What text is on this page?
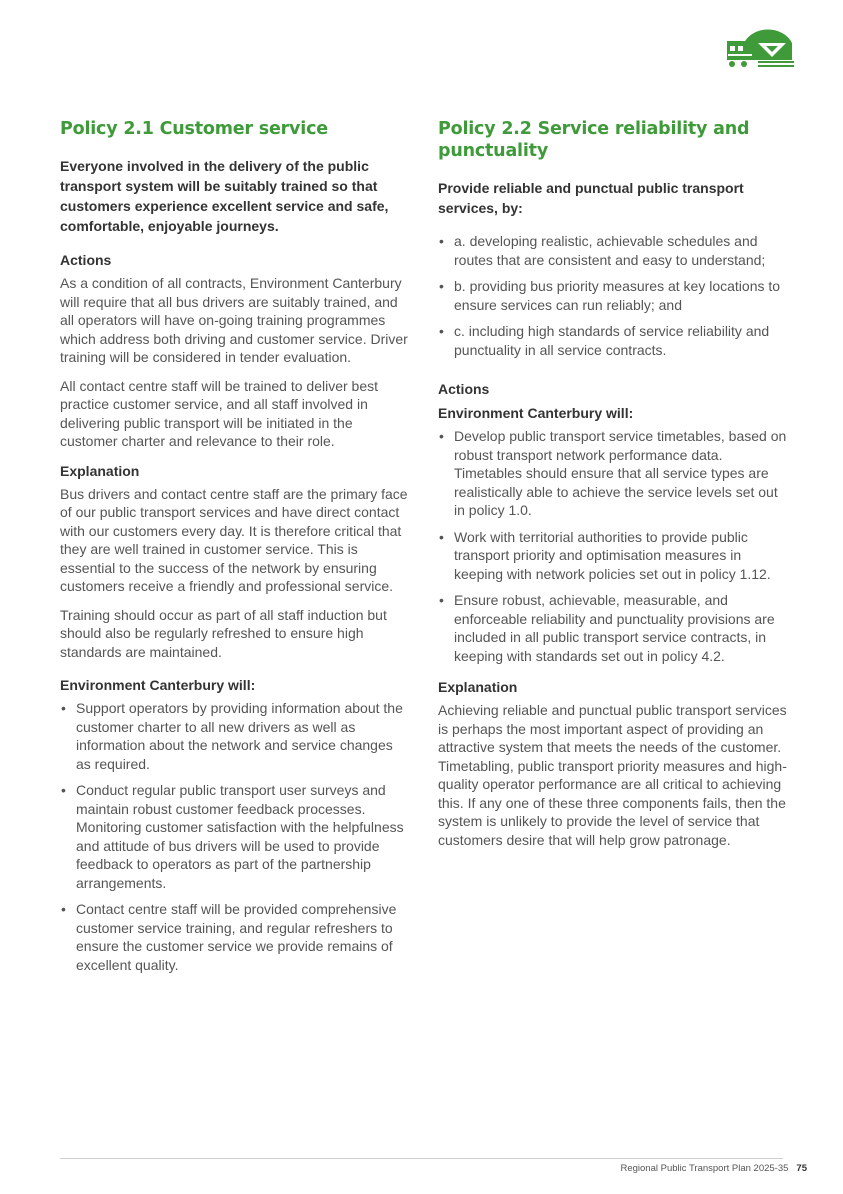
Policy 2.1 Customer service
Everyone involved in the delivery of the public transport system will be suitably trained so that customers experience excellent service and safe, comfortable, enjoyable journeys.
Actions

As a condition of all contracts, Environment Canterbury will require that all bus drivers are suitably trained, and all operators will have on-going training programmes which address both driving and customer service. Driver training will be considered in tender evaluation.

All contact centre staff will be trained to deliver best practice customer service, and all staff involved in delivering public transport will be initiated in the customer charter and relevance to their role.

Explanation

Bus drivers and contact centre staff are the primary face of our public transport services and have direct contact with our customers every day. It is therefore critical that they are well trained in customer service. This is essential to the success of the network by ensuring customers receive a friendly and professional service.

Training should occur as part of all staff induction but should also be regularly refreshed to ensure high standards are maintained.

Environment Canterbury will:
• Support operators by providing information about the customer charter to all new drivers as well as information about the network and service changes as required.
• Conduct regular public transport user surveys and maintain robust customer feedback processes. Monitoring customer satisfaction with the helpfulness and attitude of bus drivers will be used to provide feedback to operators as part of the partnership arrangements.
• Contact centre staff will be provided comprehensive customer service training, and regular refreshers to ensure the customer service we provide remains of excellent quality.
Policy 2.2 Service reliability and punctuality
Provide reliable and punctual public transport services, by:
• a. developing realistic, achievable schedules and routes that are consistent and easy to understand;
• b. providing bus priority measures at key locations to ensure services can run reliably; and
• c. including high standards of service reliability and punctuality in all service contracts.
Actions
Environment Canterbury will:
• Develop public transport service timetables, based on robust transport network performance data. Timetables should ensure that all service types are realistically able to achieve the service levels set out in policy 1.0.
• Work with territorial authorities to provide public transport priority and optimisation measures in keeping with network policies set out in policy 1.12.
• Ensure robust, achievable, measurable, and enforceable reliability and punctuality provisions are included in all public transport service contracts, in keeping with standards set out in policy 4.2.
Explanation

Achieving reliable and punctual public transport services is perhaps the most important aspect of providing an attractive system that meets the needs of the customer. Timetabling, public transport priority measures and high-quality operator performance are all critical to achieving this. If any one of these three components fails, then the system is unlikely to provide the level of service that customers desire that will help grow patronage.

Regional Public Transport Plan 2025-35 75
